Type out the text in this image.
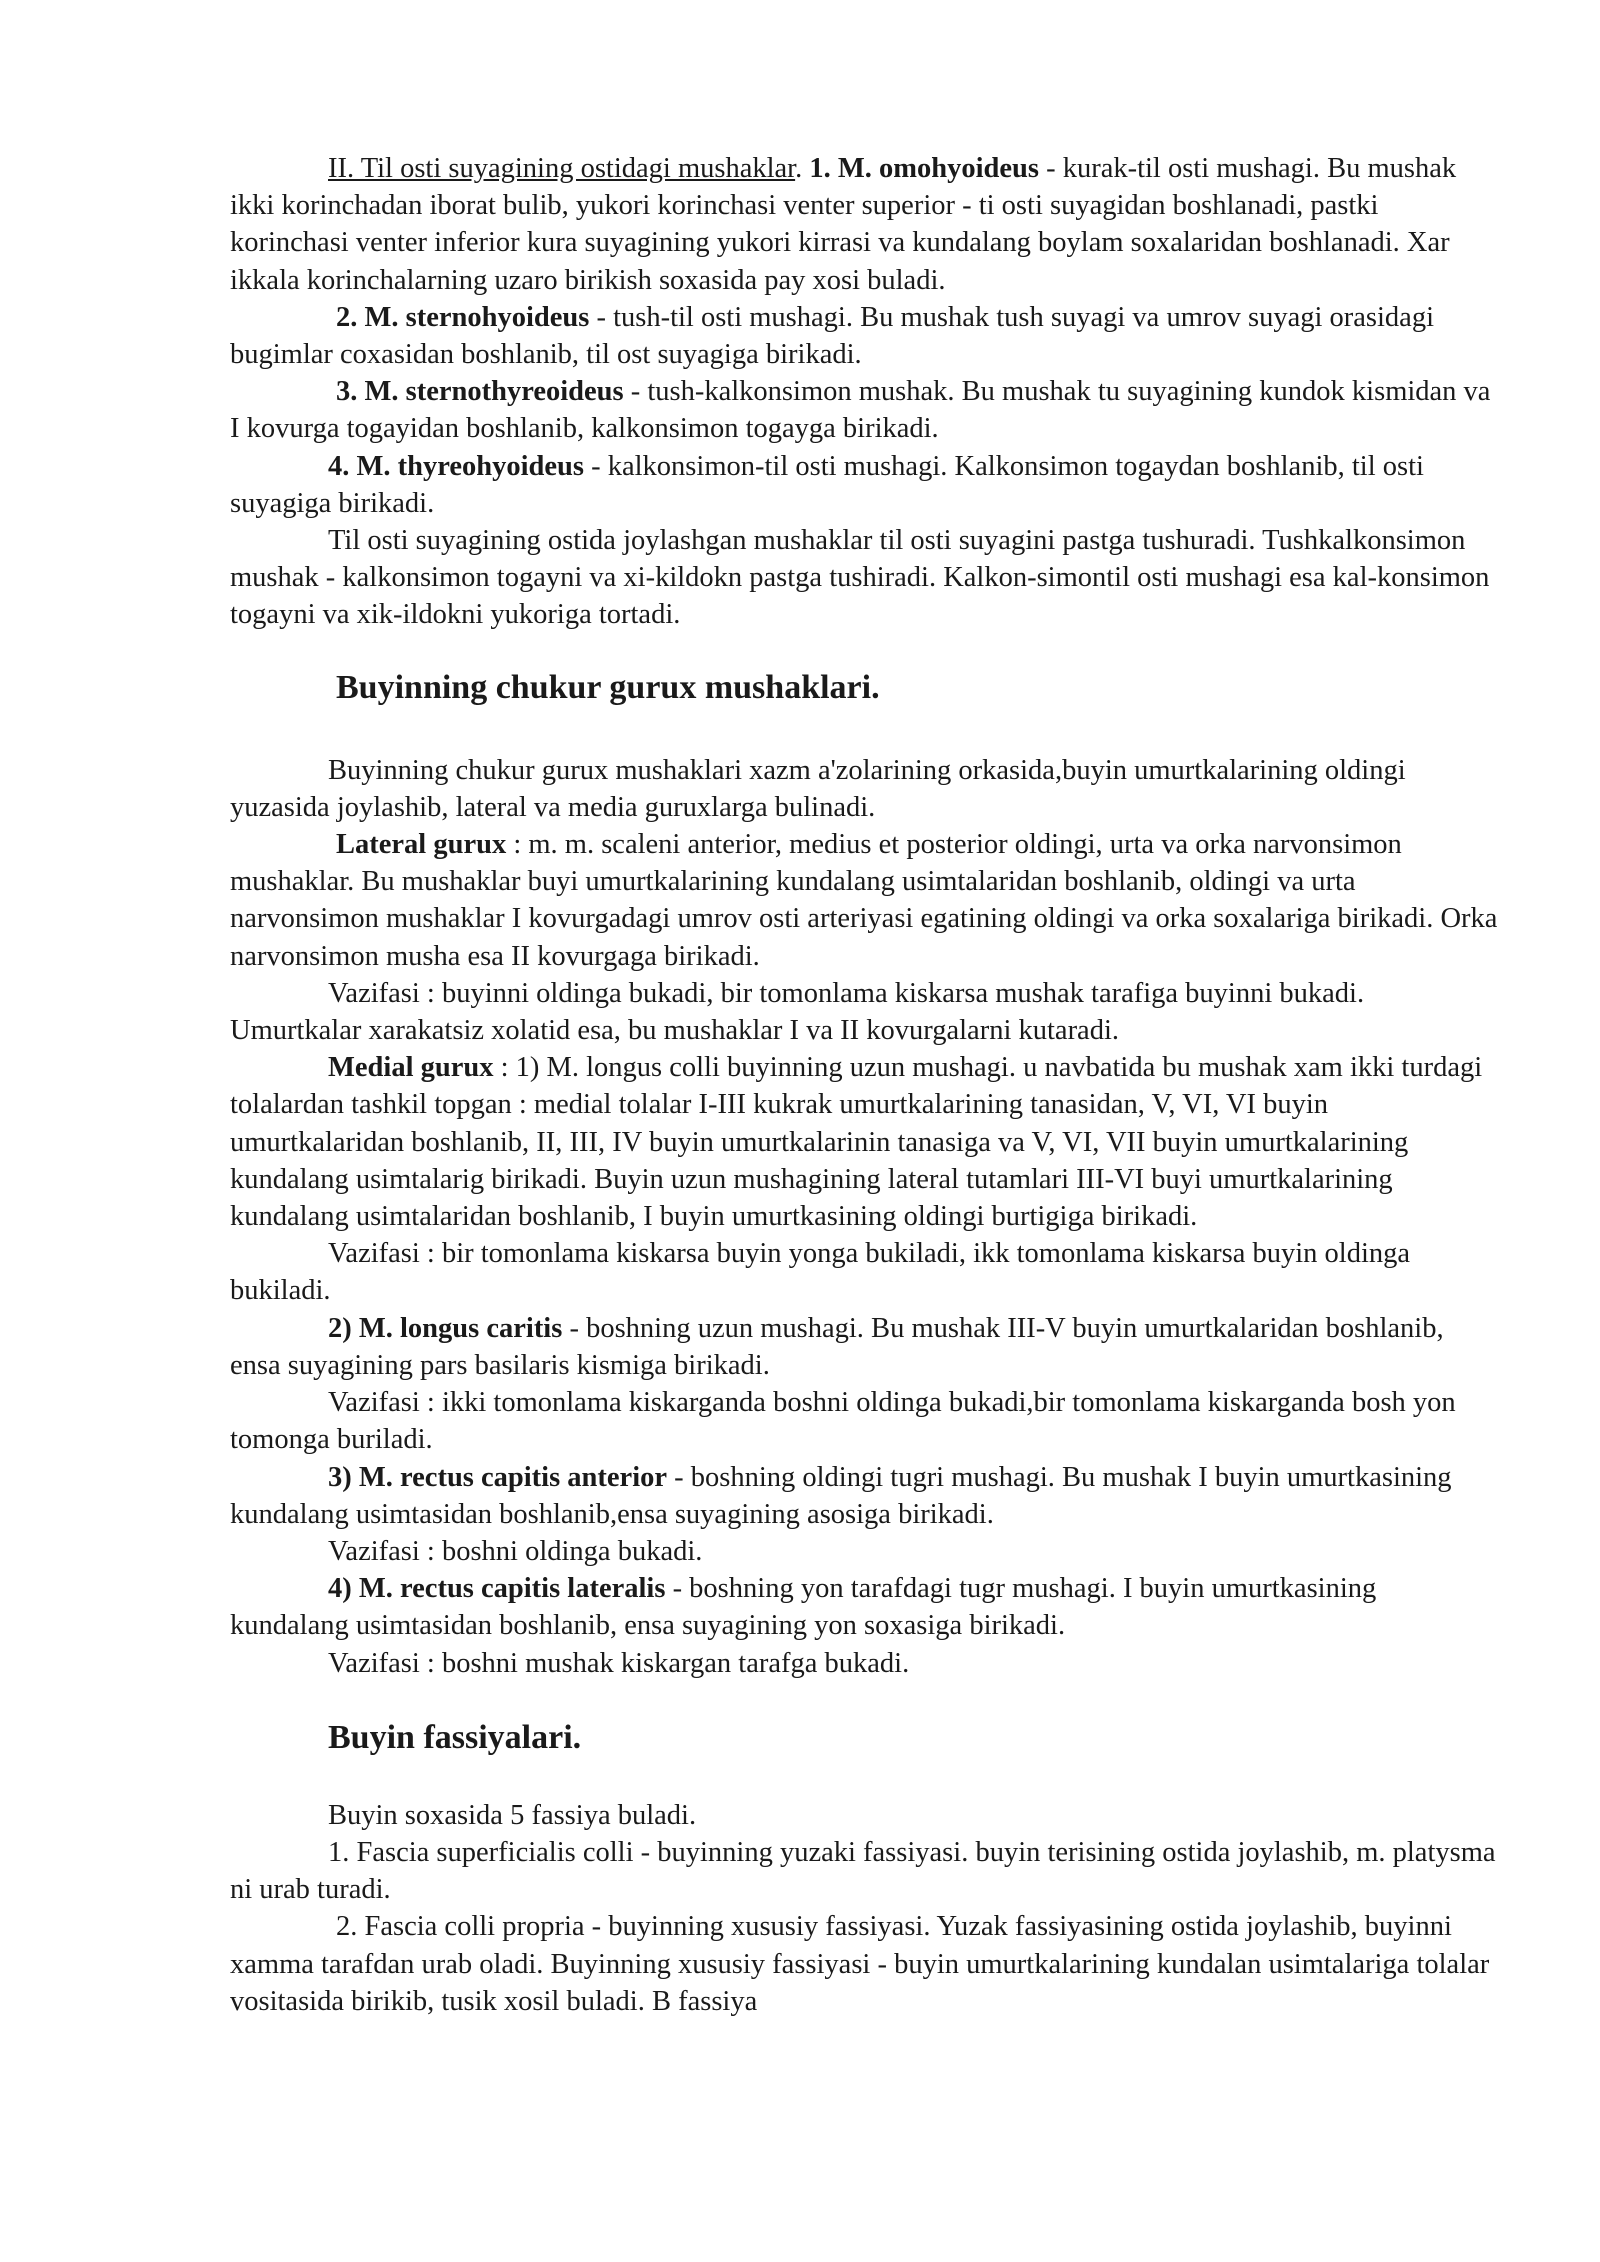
II. Til osti suyagining ostidagi mushaklar. 1. M. omohyoideus - kurak-til osti mushagi. Bu mushak ikki korinchadan iborat bulib, yukori korinchasi venter superior - ti osti suyagidan boshlanadi, pastki korinchasi venter inferior kura suyagining yukori kirrasi va kundalang boylam soxalaridan boshlanadi. Xar ikkala korinchalarning uzaro birikish soxasida pay xosi buladi.

2. M. sternohyoideus - tush-til osti mushagi. Bu mushak tush suyagi va umrov suyagi orasidagi bugimlar coxasidan boshlanib, til ost suyagiga birikadi.

3. M. sternothyreoideus - tush-kalkonsimon mushak. Bu mushak tu suyagining kundok kismidan va I kovurga togayidan boshlanib, kalkonsimon togayga birikadi.

4. M. thyreohyoideus - kalkonsimon-til osti mushagi. Kalkonsimon togaydan boshlanib, til osti suyagiga birikadi.

Til osti suyagining ostida joylashgan mushaklar til osti suyagini pastga tushuradi. Tushkalkonsimon mushak - kalkonsimon togayni va xi-kildokn pastga tushiradi. Kalkon-simontil osti mushagi esa kal-konsimon togayni va xik-ildokni yukoriga tortadi.

Buyinning chukur gurux mushaklari.

Buyinning chukur gurux mushaklari xazm a'zolarining orkasida,buyin umurtkalarining oldingi yuzasida joylashib, lateral va media guruxlarga bulinadi.

Lateral gurux : m. m. scaleni anterior, medius et posterior oldingi, urta va orka narvonsimon mushaklar. Bu mushaklar buyi umurtkalarining kundalang usimtalaridan boshlanib, oldingi va urta narvonsimon mushaklar I kovurgadagi umrov osti arteriyasi egatining oldingi va orka soxalariga birikadi. Orka narvonsimon musha esa II kovurgaga birikadi.

Vazifasi : buyinni oldinga bukadi, bir tomonlama kiskarsa mushak tarafiga buyinni bukadi. Umurtkalar xarakatsiz xolatid esa, bu mushaklar I va II kovurgalarni kutaradi.

Medial gurux : 1) M. longus colli buyinning uzun mushagi. u navbatida bu mushak xam ikki turdagi tolalardan tashkil topgan : medial tolalar I-III kukrak umurtkalarining tanasidan, V, VI, VI buyin umurtkalaridan boshlanib, II, III, IV buyin umurtkalarinin tanasiga va V, VI, VII buyin umurtkalarining kundalang usimtalarig birikadi. Buyin uzun mushagining lateral tutamlari III-VI buyi umurtkalarining kundalang usimtalaridan boshlanib, I buyin umurtkasining oldingi burtigiga birikadi.

Vazifasi : bir tomonlama kiskarsa buyin yonga bukiladi, ikk tomonlama kiskarsa buyin oldinga bukiladi.

2) M. longus caritis - boshning uzun mushagi. Bu mushak III-V buyin umurtkalaridan boshlanib, ensa suyagining pars basilaris kismiga birikadi.

Vazifasi : ikki tomonlama kiskarganda boshni oldinga bukadi,bir tomonlama kiskarganda bosh yon tomonga buriladi.

3) M. rectus capitis anterior - boshning oldingi tugri mushagi. Bu mushak I buyin umurtkasining kundalang usimtasidan boshlanib,ensa suyagining asosiga birikadi.

Vazifasi : boshni oldinga bukadi.

4) M. rectus capitis lateralis - boshning yon tarafdagi tugr mushagi. I buyin umurtkasining kundalang usimtasidan boshlanib, ensa suyagining yon soxasiga birikadi.

Vazifasi : boshni mushak kiskargan tarafga bukadi.

Buyin fassiyalari.

Buyin soxasida 5 fassiya buladi.

1. Fascia superficialis colli - buyinning yuzaki fassiyasi. buyin terisining ostida joylashib, m. platysma ni urab turadi.

2. Fascia colli propria - buyinning xususiy fassiyasi. Yuzak fassiyasining ostida joylashib, buyinni xamma tarafdan urab oladi. Buyinning xususiy fassiyasi - buyin umurtkalarining kundalan usimtalariga tolalar vositasida birikib, tusik xosil buladi. B fassiya
